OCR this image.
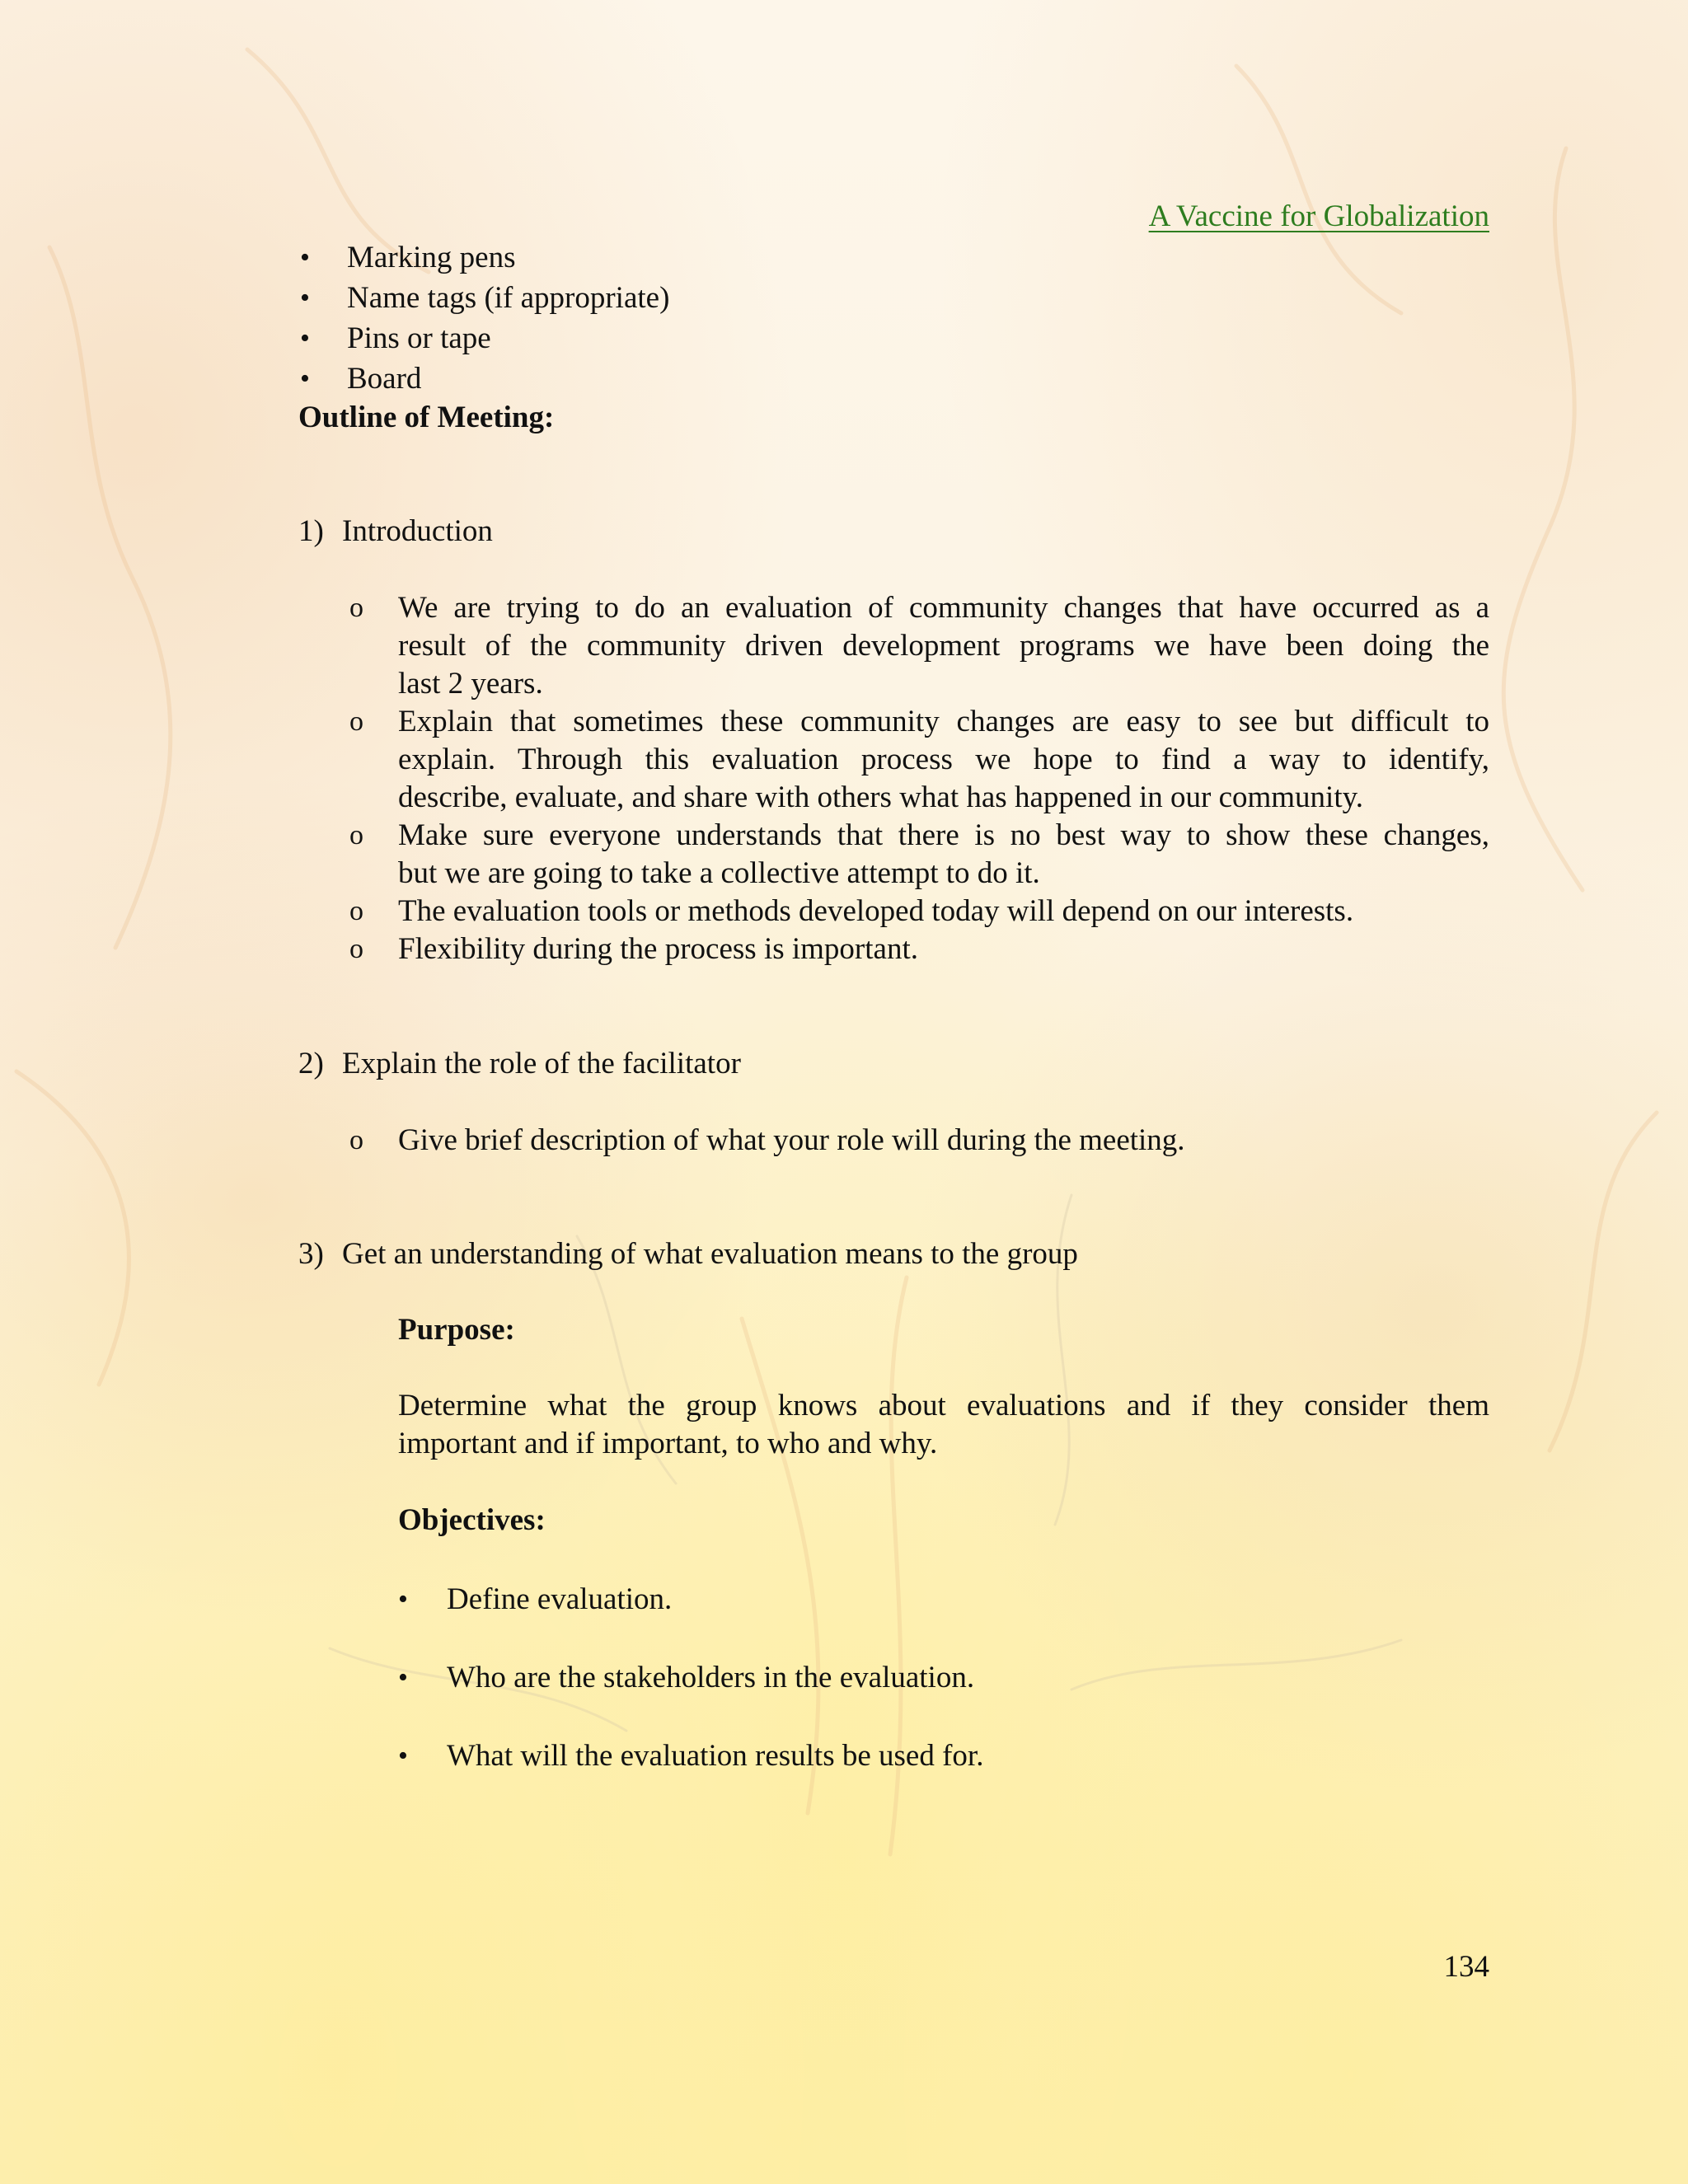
A Vaccine for Globalization
• Marking pens
• Name tags (if appropriate)
• Pins or tape
• Board
Outline of Meeting:
1) Introduction
o We are trying to do an evaluation of community changes that have occurred as a
result of the community driven development programs we have been doing the
last 2 years.
o Explain that sometimes these community changes are easy to see but difficult to
explain. Through this evaluation process we hope to find a way to identify,
describe, evaluate, and share with others what has happened in our community.
o Make sure everyone understands that there is no best way to show these changes,
but we are going to take a collective attempt to do it.
o The evaluation tools or methods developed today will depend on our interests.
o Flexibility during the process is important.
2) Explain the role of the facilitator
o Give brief description of what your role will during the meeting.
3) Get an understanding of what evaluation means to the group
Purpose:
Determine what the group knows about evaluations and if they consider them
important and if important, to who and why.
Objectives:
• Define evaluation.
• Who are the stakeholders in the evaluation.
• What will the evaluation results be used for.
134
